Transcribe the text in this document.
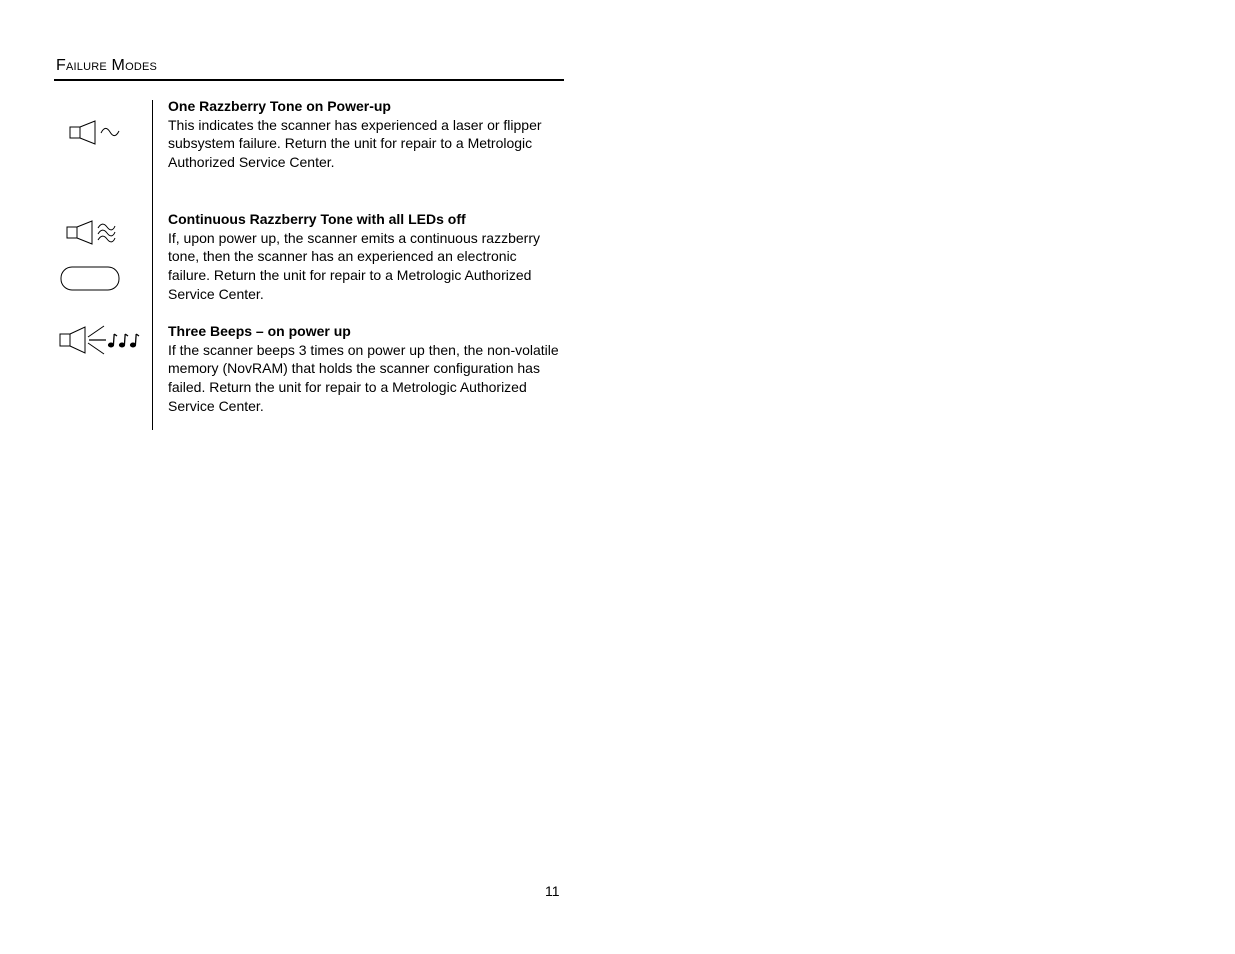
Failure Modes
One Razzberry Tone on Power-up
This indicates the scanner has experienced a laser or flipper
subsystem failure. Return the unit for repair to a Metrologic
Authorized Service Center.
Continuous Razzberry Tone with all LEDs off
If, upon power up, the scanner emits a continuous razzberry
tone, then the scanner has an experienced an electronic
failure. Return the unit for repair to a Metrologic Authorized
Service Center.
Three Beeps – on power up
If the scanner beeps 3 times on power up then, the non-volatile
memory (NovRAM) that holds the scanner configuration has
failed. Return the unit for repair to a Metrologic Authorized
Service Center.
11
